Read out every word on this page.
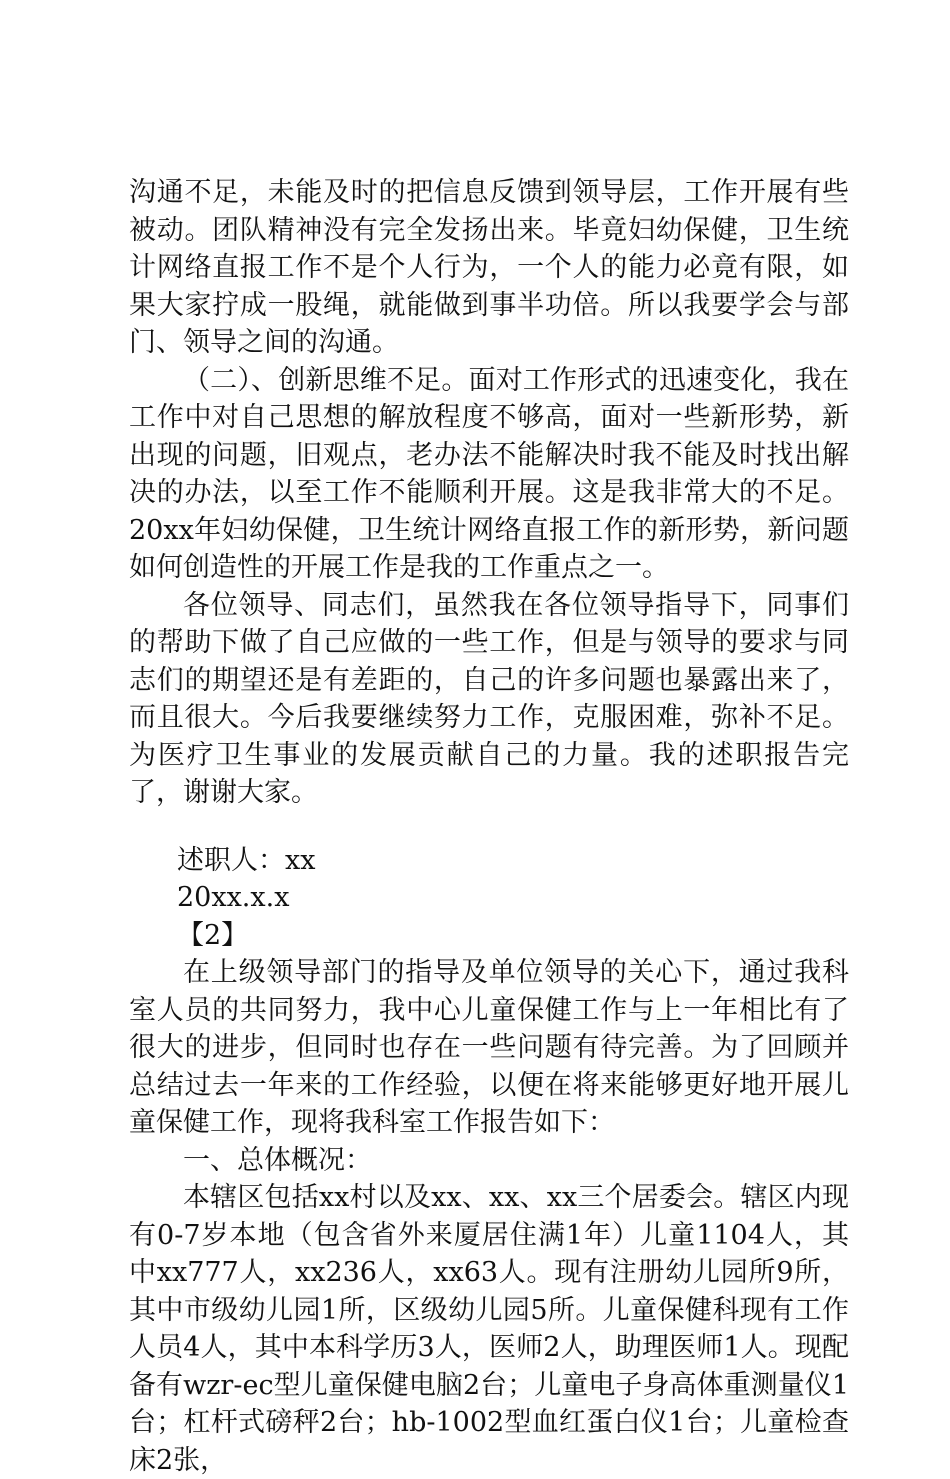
沟通不足，未能及时的把信息反馈到领导层，工作开展有些被动。团队精神没有完全发扬出来。毕竟妇幼保健，卫生统计网络直报工作不是个人行为，一个人的能力必竟有限，如果大家拧成一股绳，就能做到事半功倍。所以我要学会与部门、领导之间的沟通。

（二）、创新思维不足。面对工作形式的迅速变化，我在工作中对自己思想的解放程度不够高，面对一些新形势，新出现的问题，旧观点，老办法不能解决时我不能及时找出解决的办法，以至工作不能顺利开展。这是我非常大的不足。20xx年妇幼保健，卫生统计网络直报工作的新形势，新问题如何创造性的开展工作是我的工作重点之一。

各位领导、同志们，虽然我在各位领导指导下，同事们的帮助下做了自己应做的一些工作，但是与领导的要求与同志们的期望还是有差距的，自己的许多问题也暴露出来了，而且很大。今后我要继续努力工作，克服困难，弥补不足。为医疗卫生事业的发展贡献自己的力量。我的述职报告完了，谢谢大家。

述职人：xx

20xx.x.x

【2】

在上级领导部门的指导及单位领导的关心下，通过我科室人员的共同努力，我中心儿童保健工作与上一年相比有了很大的进步，但同时也存在一些问题有待完善。为了回顾并总结过去一年来的工作经验，以便在将来能够更好地开展儿童保健工作，现将我科室工作报告如下：

一、总体概况：

本辖区包括xx村以及xx、xx、xx三个居委会。辖区内现有0-7岁本地（包含省外来厦居住满1年）儿童1104人，其中xx777人，xx236人，xx63人。现有注册幼儿园所9所，其中市级幼儿园1所，区级幼儿园5所。儿童保健科现有工作人员4人，其中本科学历3人，医师2人，助理医师1人。现配备有wzr-ec型儿童保健电脑2台；儿童电子身高体重测量仪1台；杠杆式磅秤2台；hb-1002型血红蛋白仪1台；儿童检查床2张，
